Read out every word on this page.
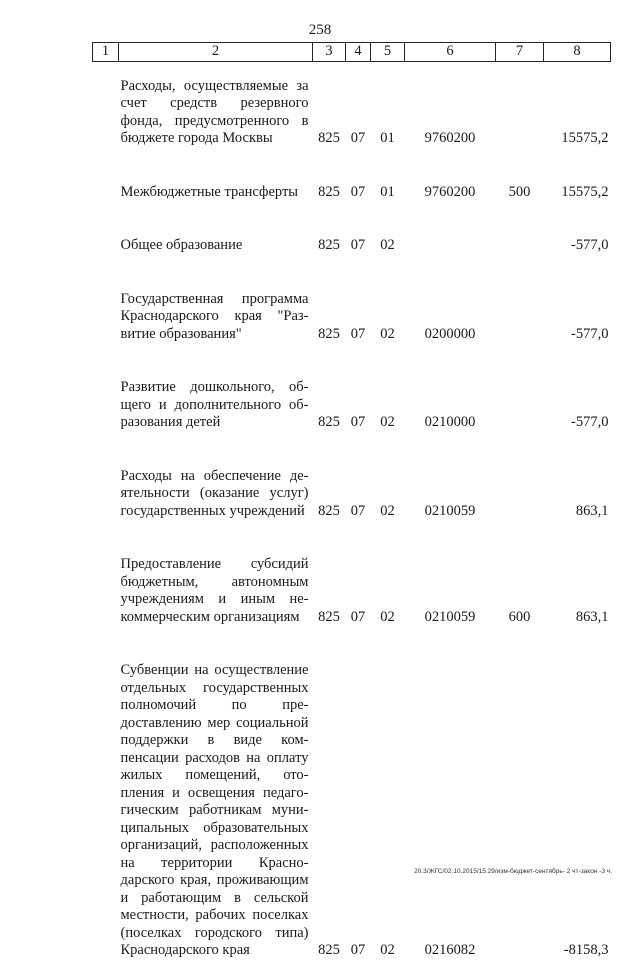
258
1	2	3	4	5	6	7	8

	Расходы, осуществляемые за счет средств резервного фонда, предусмотренного в бюджете города Москвы	825	07	01	9760200		15575,2

	Межбюджетные трансферты	825	07	01	9760200	500	15575,2

	Общее образование	825	07	02			-577,0

	Государственная программа Краснодарского края "Развитие образования"	825	07	02	0200000		-577,0

	Развитие дошкольного, общего и дополнительного образования детей	825	07	02	0210000		-577,0

	Расходы на обеспечение деятельности (оказание услуг) государственных учреждений	825	07	02	0210059		863,1

	Предоставление субсидий бюджетным, автономным учреждениям и иным некоммерческим организациям	825	07	02	0210059	600	863,1

	Субвенции на осуществление отдельных государственных полномочий по предоставлению мер социальной поддержки в виде компенсации расходов на оплату жилых помещений, отопления и освещения педагогическим работникам муниципальных образовательных организаций, расположенных на территории Краснодарского края, проживающим и работающим в сельской местности, рабочих поселках (поселках городского типа) Краснодарского края	825	07	02	0216082		-8158,3
20.3/ЖГС/02.10.2015/15:29/изм-бюджет-сентябрь- 2 чт-закон -3 ч.
